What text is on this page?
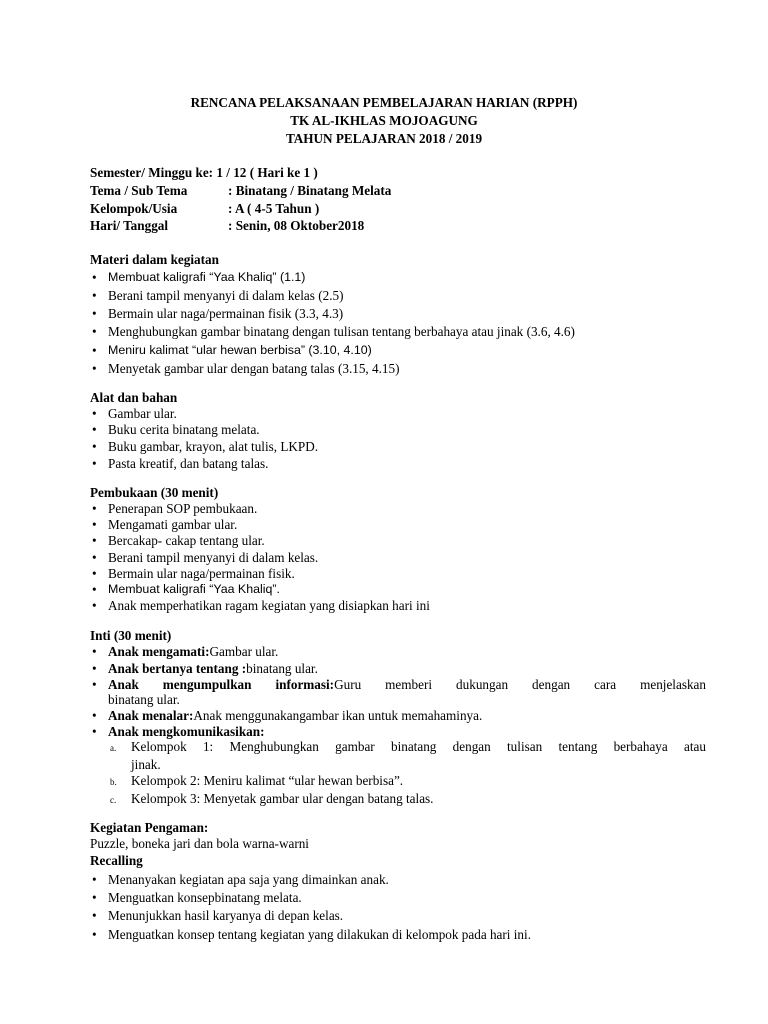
RENCANA PELAKSANAAN PEMBELAJARAN HARIAN (RPPH)
TK AL-IKHLAS MOJOAGUNG
TAHUN PELAJARAN 2018 / 2019
Semester/ Minggu ke: 1 / 12 ( Hari ke 1 )
Tema / Sub Tema	: Binatang / Binatang Melata
Kelompok/Usia	: A ( 4-5 Tahun )
Hari/ Tanggal	: Senin, 08 Oktober2018
Materi dalam kegiatan
• Membuat kaligrafi “Yaa Khaliq” (1.1)
• Berani tampil menyanyi di dalam kelas (2.5)
• Bermain ular naga/permainan fisik (3.3, 4.3)
• Menghubungkan gambar binatang dengan tulisan tentang berbahaya atau jinak (3.6, 4.6)
• Meniru kalimat “ular hewan berbisa” (3.10, 4.10)
• Menyetak gambar ular dengan batang talas (3.15, 4.15)
Alat dan bahan
• Gambar ular.
• Buku cerita binatang melata.
• Buku gambar, krayon, alat tulis, LKPD.
• Pasta kreatif, dan batang talas.
Pembukaan (30 menit)
• Penerapan SOP pembukaan.
• Mengamati gambar ular.
• Bercakap- cakap tentang ular.
• Berani tampil menyanyi di dalam kelas.
• Bermain ular naga/permainan fisik.
• Membuat kaligrafi “Yaa Khaliq”.
• Anak memperhatikan ragam kegiatan yang disiapkan hari ini
Inti (30 menit)
• Anak mengamati:Gambar ular.
• Anak bertanya tentang :binatang ular.
• Anak mengumpulkan informasi:Guru memberi dukungan dengan cara menjelaskan
binatang ular.
• Anak menalar:Anak menggunakangambar ikan untuk memahaminya.
• Anak mengkomunikasikan:
a. Kelompok 1: Menghubungkan gambar binatang dengan tulisan tentang berbahaya atau
jinak.
b. Kelompok 2: Meniru kalimat “ular hewan berbisa”.
c. Kelompok 3: Menyetak gambar ular dengan batang talas.
Kegiatan Pengaman:
Puzzle, boneka jari dan bola warna-warni
Recalling
• Menanyakan kegiatan apa saja yang dimainkan anak.
• Menguatkan konsepbinatang melata.
• Menunjukkan hasil karyanya di depan kelas.
• Menguatkan konsep tentang kegiatan yang dilakukan di kelompok pada hari ini.
